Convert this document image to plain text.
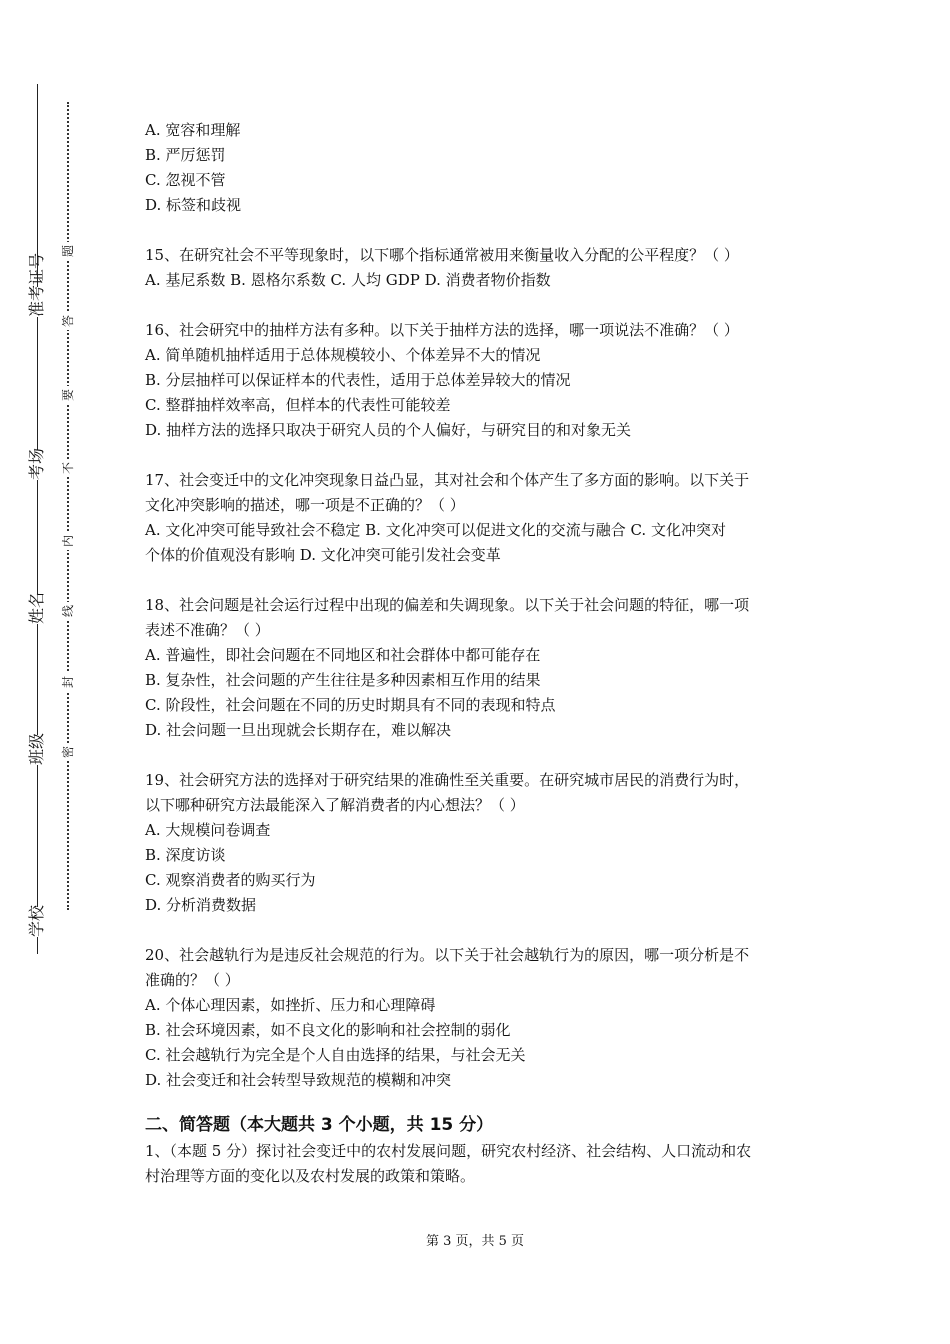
准考证号
考场
姓名
班级
学校
题
答
要
不
内
线
封
密
A. 宽容和理解
B. 严厉惩罚
C. 忽视不管
D. 标签和歧视
15、在研究社会不平等现象时，以下哪个指标通常被用来衡量收入分配的公平程度？（ ）
A. 基尼系数 B. 恩格尔系数 C. 人均 GDP D. 消费者物价指数
16、社会研究中的抽样方法有多种。以下关于抽样方法的选择，哪一项说法不准确？（ ）
A. 简单随机抽样适用于总体规模较小、个体差异不大的情况
B. 分层抽样可以保证样本的代表性，适用于总体差异较大的情况
C. 整群抽样效率高，但样本的代表性可能较差
D. 抽样方法的选择只取决于研究人员的个人偏好，与研究目的和对象无关
17、社会变迁中的文化冲突现象日益凸显，其对社会和个体产生了多方面的影响。以下关于
文化冲突影响的描述，哪一项是不正确的？（ ）
A. 文化冲突可能导致社会不稳定 B. 文化冲突可以促进文化的交流与融合 C. 文化冲突对
个体的价值观没有影响 D. 文化冲突可能引发社会变革
18、社会问题是社会运行过程中出现的偏差和失调现象。以下关于社会问题的特征，哪一项
表述不准确？（ ）
A. 普遍性，即社会问题在不同地区和社会群体中都可能存在
B. 复杂性，社会问题的产生往往是多种因素相互作用的结果
C. 阶段性，社会问题在不同的历史时期具有不同的表现和特点
D. 社会问题一旦出现就会长期存在，难以解决
19、社会研究方法的选择对于研究结果的准确性至关重要。在研究城市居民的消费行为时，
以下哪种研究方法最能深入了解消费者的内心想法？（ ）
A. 大规模问卷调查
B. 深度访谈
C. 观察消费者的购买行为
D. 分析消费数据
20、社会越轨行为是违反社会规范的行为。以下关于社会越轨行为的原因，哪一项分析是不
准确的？（ ）
A. 个体心理因素，如挫折、压力和心理障碍
B. 社会环境因素，如不良文化的影响和社会控制的弱化
C. 社会越轨行为完全是个人自由选择的结果，与社会无关
D. 社会变迁和社会转型导致规范的模糊和冲突
二、简答题（本大题共 3 个小题，共 15 分）
1、（本题 5 分）探讨社会变迁中的农村发展问题，研究农村经济、社会结构、人口流动和农
村治理等方面的变化以及农村发展的政策和策略。
第 3 页，共 5 页
